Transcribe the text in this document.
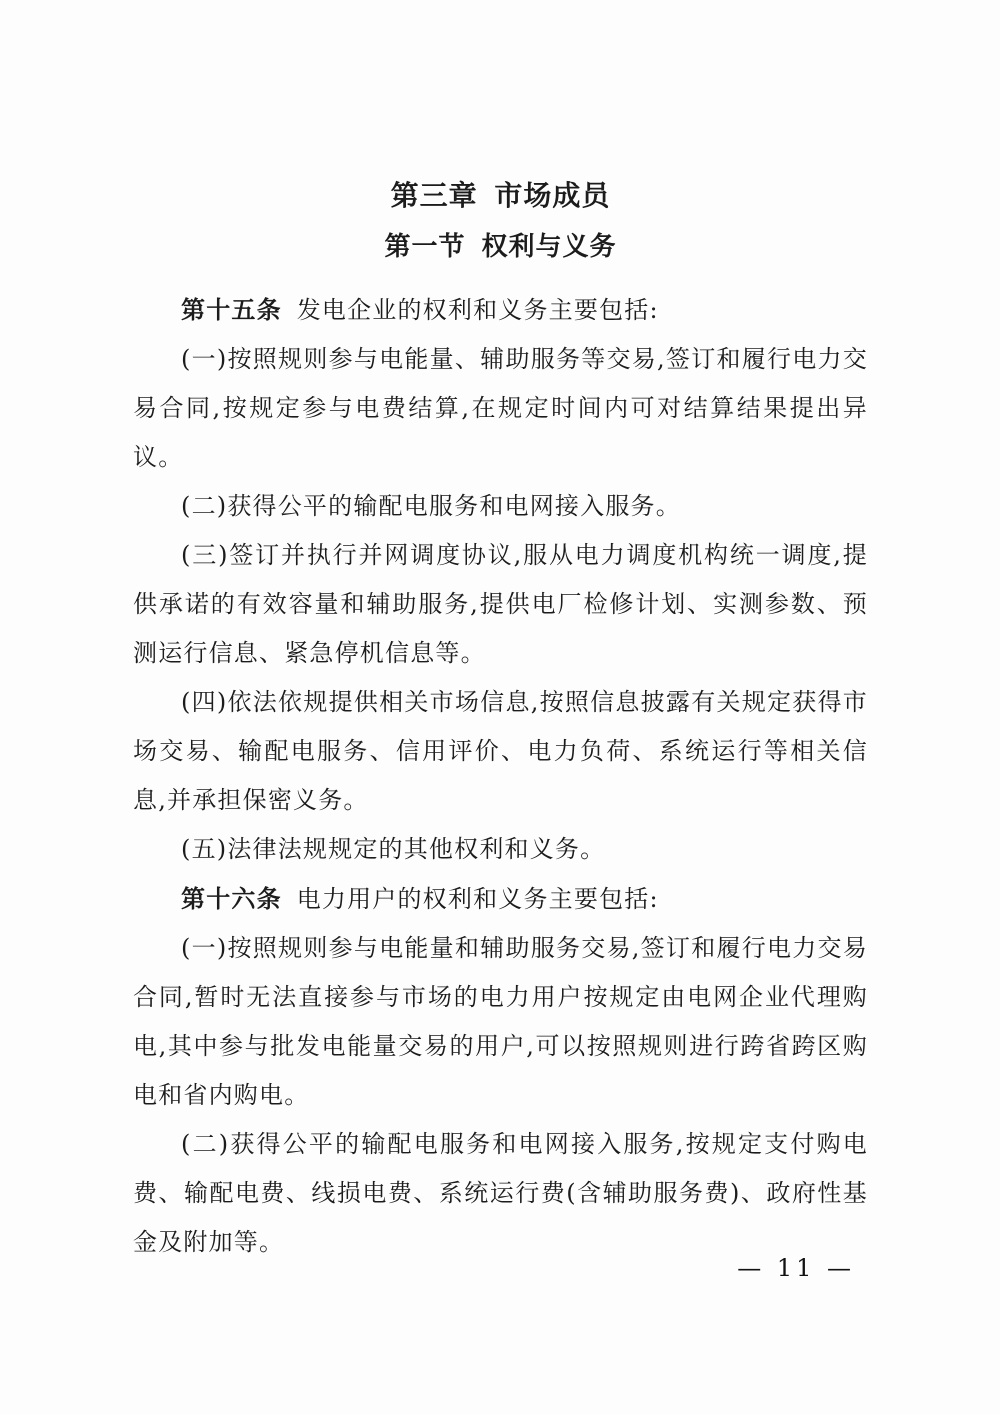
第三章 市场成员
第一节 权利与义务

第十五条 发电企业的权利和义务主要包括:

(一)按照规则参与电能量、辅助服务等交易,签订和履行电力交易合同,按规定参与电费结算,在规定时间内可对结算结果提出异议。

(二)获得公平的输配电服务和电网接入服务。

(三)签订并执行并网调度协议,服从电力调度机构统一调度,提供承诺的有效容量和辅助服务,提供电厂检修计划、实测参数、预测运行信息、紧急停机信息等。

(四)依法依规提供相关市场信息,按照信息披露有关规定获得市场交易、输配电服务、信用评价、电力负荷、系统运行等相关信息,并承担保密义务。

(五)法律法规规定的其他权利和义务。

第十六条 电力用户的权利和义务主要包括:

(一)按照规则参与电能量和辅助服务交易,签订和履行电力交易合同,暂时无法直接参与市场的电力用户按规定由电网企业代理购电,其中参与批发电能量交易的用户,可以按照规则进行跨省跨区购电和省内购电。

(二)获得公平的输配电服务和电网接入服务,按规定支付购电费、输配电费、线损电费、系统运行费(含辅助服务费)、政府性基金及附加等。

— 11 —
